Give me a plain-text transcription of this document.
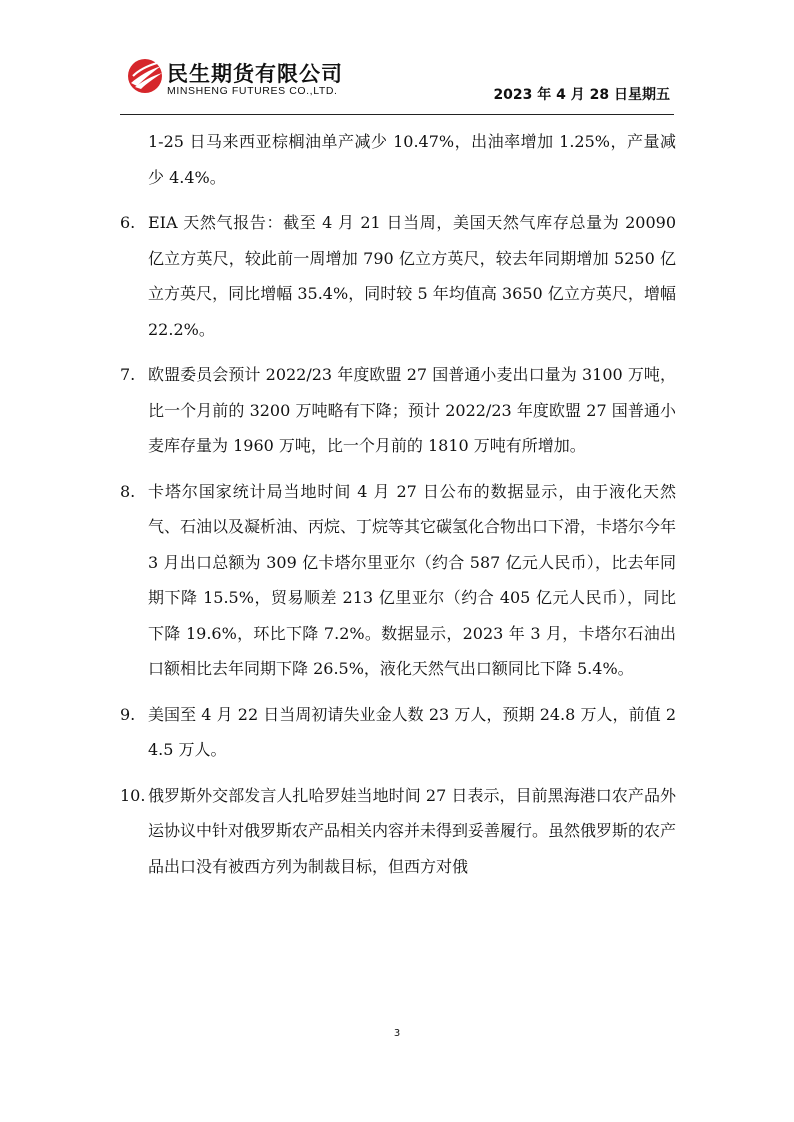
民生期货有限公司
MINSHENG FUTURES CO.,LTD.	2023 年 4 月 28 日星期五

1-25 日马来西亚棕榈油单产减少 10.47%，出油率增加 1.25%，产量减少 4.4%。

6. EIA 天然气报告：截至 4 月 21 日当周，美国天然气库存总量为 20090 亿立方英尺，较此前一周增加 790 亿立方英尺，较去年同期增加 5250 亿立方英尺，同比增幅 35.4%，同时较 5 年均值高 3650 亿立方英尺，增幅 22.2%。

7. 欧盟委员会预计 2022/23 年度欧盟 27 国普通小麦出口量为 3100 万吨，比一个月前的 3200 万吨略有下降；预计 2022/23 年度欧盟 27 国普通小麦库存量为 1960 万吨，比一个月前的 1810 万吨有所增加。

8. 卡塔尔国家统计局当地时间 4 月 27 日公布的数据显示，由于液化天然气、石油以及凝析油、丙烷、丁烷等其它碳氢化合物出口下滑，卡塔尔今年 3 月出口总额为 309 亿卡塔尔里亚尔（约合 587 亿元人民币），比去年同期下降 15.5%，贸易顺差 213 亿里亚尔（约合 405 亿元人民币），同比下降 19.6%，环比下降 7.2%。数据显示，2023 年 3 月，卡塔尔石油出口额相比去年同期下降 26.5%，液化天然气出口额同比下降 5.4%。

9. 美国至 4 月 22 日当周初请失业金人数 23 万人，预期 24.8 万人，前值 24.5 万人。

10. 俄罗斯外交部发言人扎哈罗娃当地时间 27 日表示，目前黑海港口农产品外运协议中针对俄罗斯农产品相关内容并未得到妥善履行。虽然俄罗斯的农产品出口没有被西方列为制裁目标，但西方对俄

3
